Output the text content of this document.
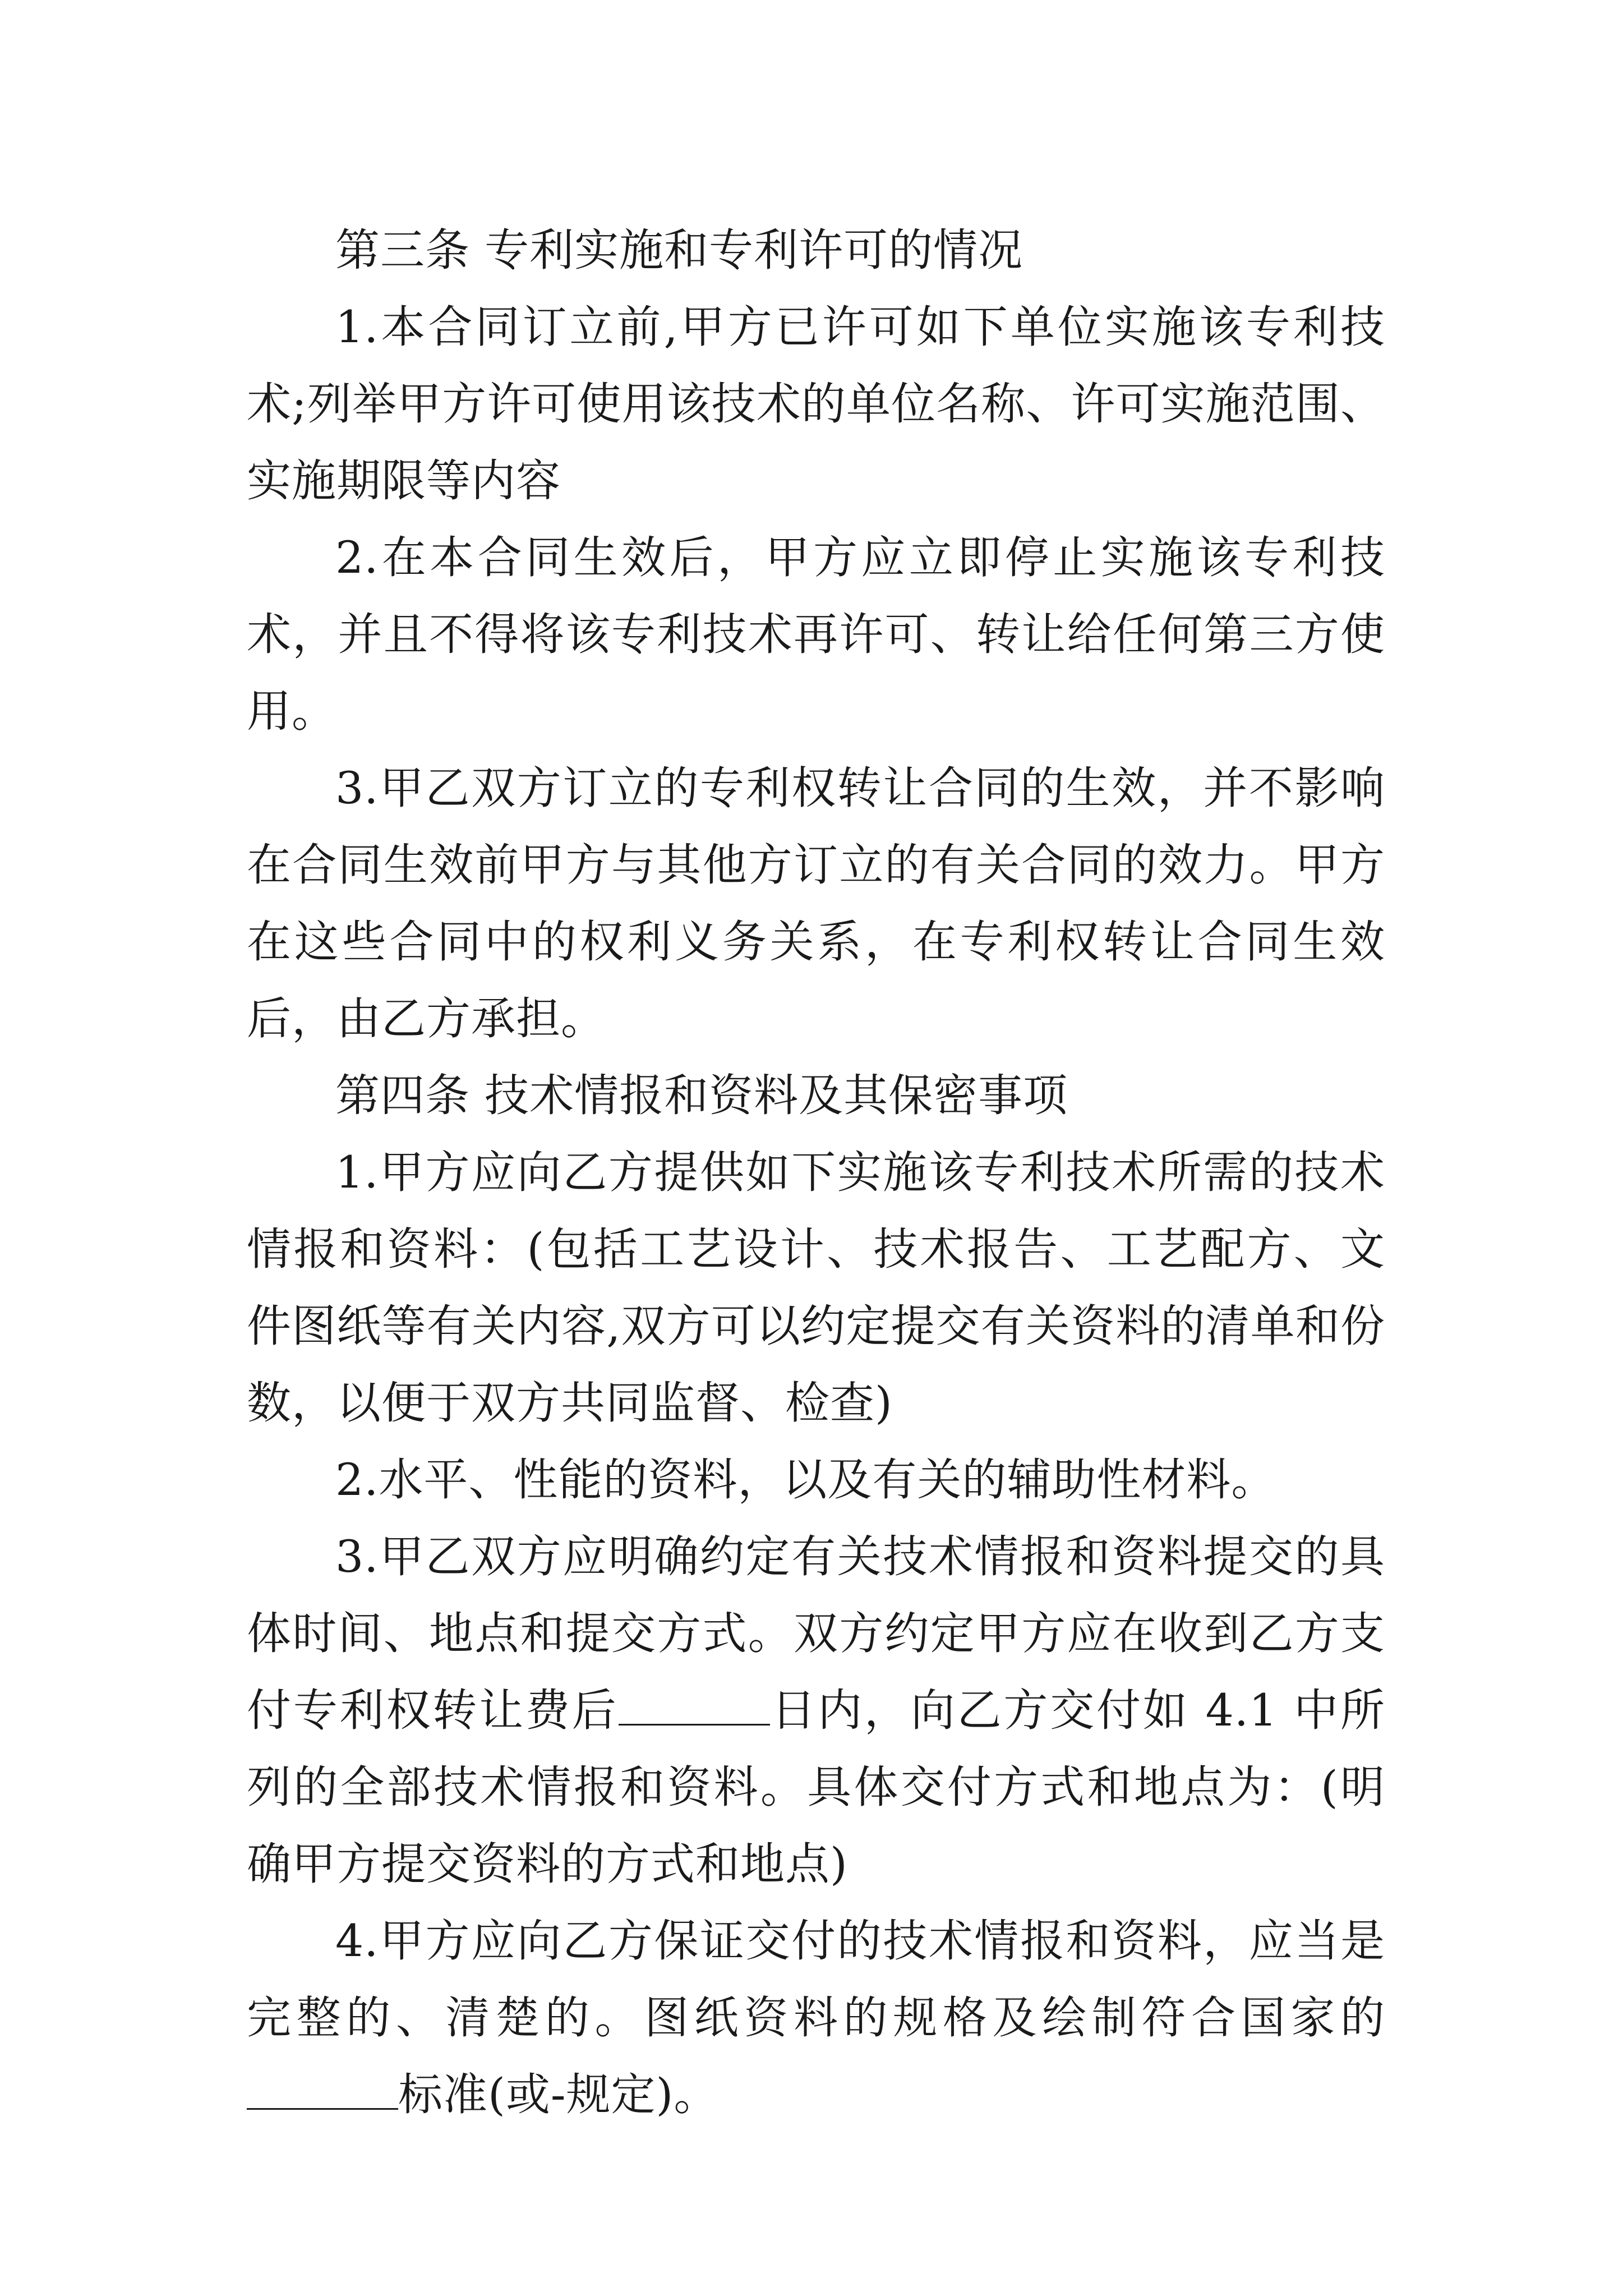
第三条 专利实施和专利许可的情况

1.本合同订立前,甲方已许可如下单位实施该专利技术;列举甲方许可使用该技术的单位名称、许可实施范围、实施期限等内容

2.在本合同生效后，甲方应立即停止实施该专利技术，并且不得将该专利技术再许可、转让给任何第三方使用。

3.甲乙双方订立的专利权转让合同的生效，并不影响在合同生效前甲方与其他方订立的有关合同的效力。甲方在这些合同中的权利义务关系，在专利权转让合同生效后，由乙方承担。

第四条 技术情报和资料及其保密事项

1.甲方应向乙方提供如下实施该专利技术所需的技术情报和资料：(包括工艺设计、技术报告、工艺配方、文件图纸等有关内容,双方可以约定提交有关资料的清单和份数，以便于双方共同监督、检查)

2.水平、性能的资料，以及有关的辅助性材料。

3.甲乙双方应明确约定有关技术情报和资料提交的具体时间、地点和提交方式。双方约定甲方应在收到乙方支付专利权转让费后	日内，向乙方交付如 4.1 中所列的全部技术情报和资料。具体交付方式和地点为：(明确甲方提交资料的方式和地点)

4.甲方应向乙方保证交付的技术情报和资料，应当是完整的、清楚的。图纸资料的规格及绘制符合国家的标准(或-规定)。
